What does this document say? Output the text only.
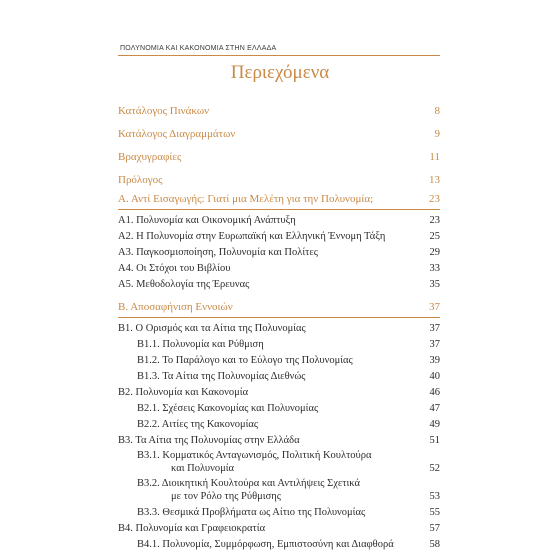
ΠΟΛΥΝΟΜΙΑ ΚΑΙ ΚΑΚΟΝΟΜΙΑ ΣΤΗΝ ΕΛΛΑΔΑ
Περιεχόμενα
Κατάλογος Πινάκων	8
Κατάλογος Διαγραμμάτων	9
Βραχυγραφίες	11
Πρόλογος	13
Α. Αντί Εισαγωγής: Γιατί μια Μελέτη για την Πολυνομία;	23
Α1. Πολυνομία και Οικονομική Ανάπτυξη	23
Α2. Η Πολυνομία στην Ευρωπαϊκή και Ελληνική Έννομη Τάξη	25
Α3. Παγκοσμιοποίηση, Πολυνομία και Πολίτες	29
Α4. Οι Στόχοι του Βιβλίου	33
Α5. Μεθοδολογία της Έρευνας	35
Β. Αποσαφήνιση Εννοιών	37
Β1. Ο Ορισμός και τα Αίτια της Πολυνομίας	37
Β1.1. Πολυνομία και Ρύθμιση	37
Β1.2. Το Παράλογο και το Εύλογο της Πολυνομίας	39
Β1.3. Τα Αίτια της Πολυνομίας Διεθνώς	40
Β2. Πολυνομία και Κακονομία	46
Β2.1. Σχέσεις Κακονομίας και Πολυνομίας	47
Β2.2. Αιτίες της Κακονομίας	49
Β3. Τα Αίτια της Πολυνομίας στην Ελλάδα	51
Β3.1. Κομματικός Ανταγωνισμός, Πολιτική Κουλτούρα
και Πολυνομία	52
Β3.2. Διοικητική Κουλτούρα και Αντιλήψεις Σχετικά
με τον Ρόλο της Ρύθμισης	53
Β3.3. Θεσμικά Προβλήματα ως Αίτιο της Πολυνομίας	55
Β4. Πολυνομία και Γραφειοκρατία	57
Β4.1. Πολυνομία, Συμμόρφωση, Εμπιστοσύνη και Διαφθορά	58
